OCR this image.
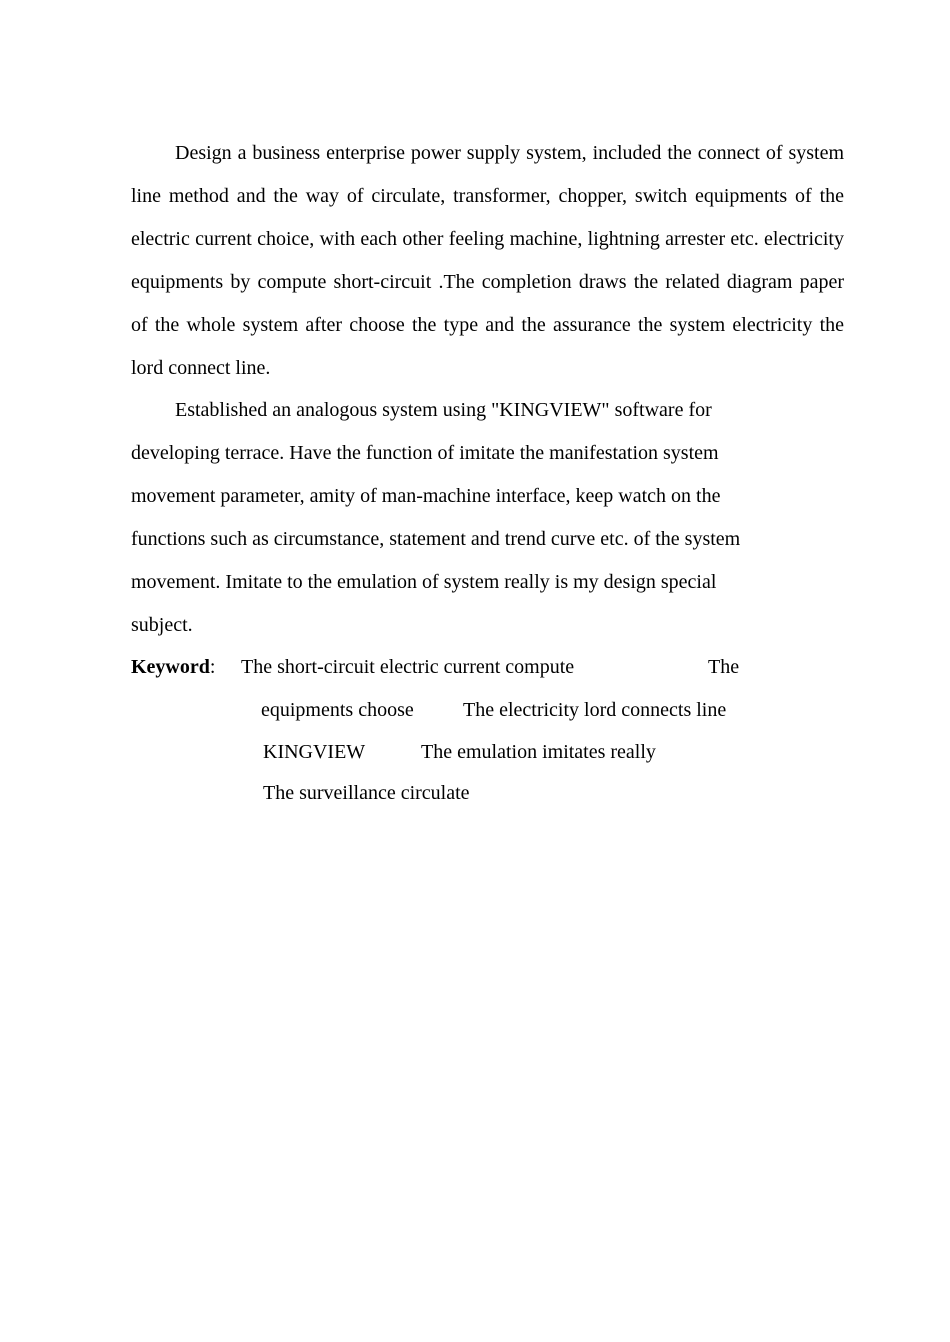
Design a business enterprise power supply system, included the connect of system line method and the way of circulate, transformer, chopper, switch equipments of the electric current choice, with each other feeling machine, lightning arrester etc. electricity equipments by compute short-circuit .The completion draws the related diagram paper of the whole system after choose the type and the assurance the system electricity the lord connect line.

Established an analogous system using "KINGVIEW" software for
developing terrace. Have the function of imitate the manifestation system
movement parameter, amity of man-machine interface, keep watch on the
functions such as circumstance, statement and trend curve etc. of the system
movement. Imitate to the emulation of system really is my design special
subject.
Keyword: The short-circuit electric current compute	The
equipments choose The electricity lord connects line
KINGVIEW	The emulation imitates really
The surveillance circulate
